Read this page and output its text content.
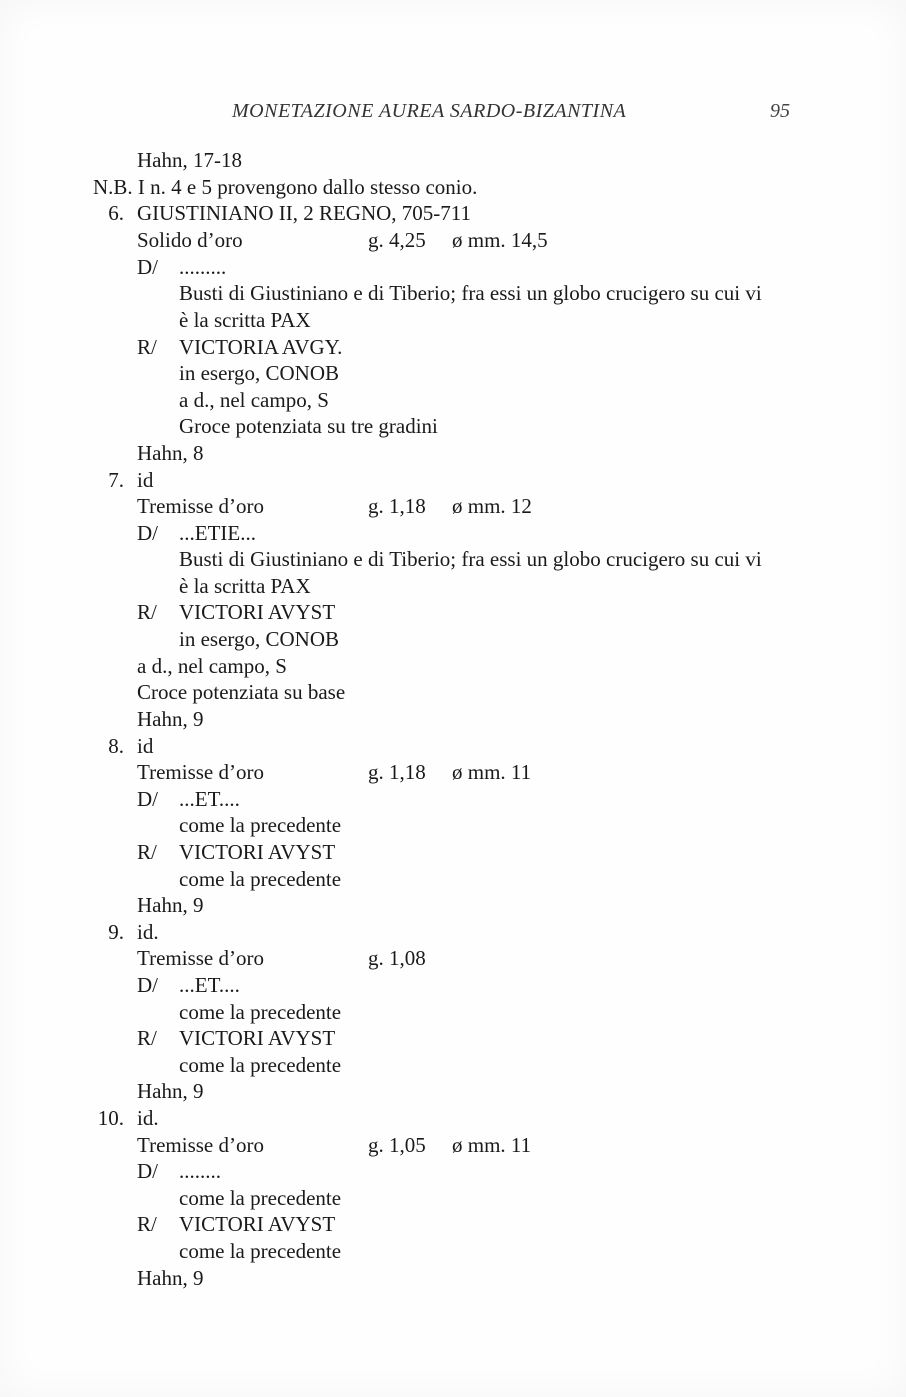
MONETAZIONE AUREA SARDO-BIZANTINA	95
Hahn, 17-18
N.B. I n. 4 e 5 provengono dallo stesso conio.
6. GIUSTINIANO II, 2 REGNO, 705-711
Solido d’oro	g. 4,25 ø mm. 14,5
D/ .........
Busti di Giustiniano e di Tiberio; fra essi un globo crucigero su cui vi
è la scritta PAX
R/ VICTORIA AVGY.
in esergo, CONOB
a d., nel campo, S
Groce potenziata su tre gradini
Hahn, 8
7. id
Tremisse d’oro	g. 1,18 ø mm. 12
D/ ...ETIE...
Busti di Giustiniano e di Tiberio; fra essi un globo crucigero su cui vi
è la scritta PAX
R/ VICTORI AVYST
in esergo, CONOB
a d., nel campo, S
Croce potenziata su base
Hahn, 9
8. id
Tremisse d’oro	g. 1,18 ø mm. 11
D/ ...ET....
come la precedente
R/ VICTORI AVYST
come la precedente
Hahn, 9
9. id.
Tremisse d’oro	g. 1,08
D/ ...ET....
come la precedente
R/ VICTORI AVYST
come la precedente
Hahn, 9
10. id.
Tremisse d’oro	g. 1,05 ø mm. 11
D/ ........
come la precedente
R/ VICTORI AVYST
come la precedente
Hahn, 9
